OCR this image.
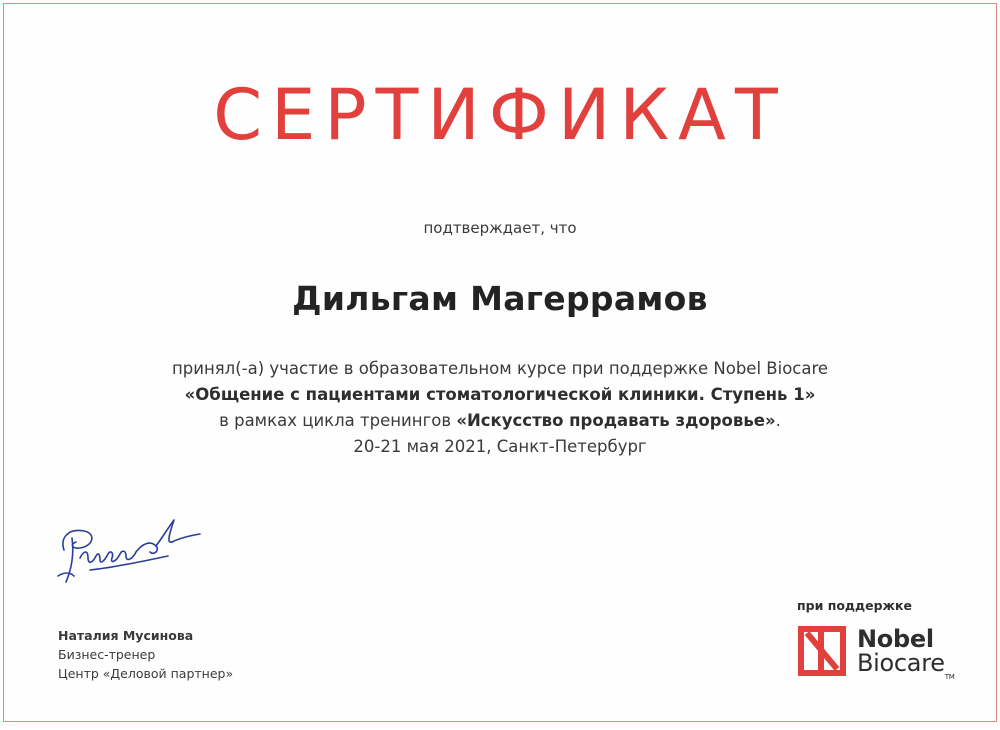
СЕРТИФИКАТ
подтверждает, что
Дильгам Магеррамов
принял(-а) участие в образовательном курсе при поддержке Nobel Biocare
«Общение с пациентами стоматологической клиники. Ступень 1»
в рамках цикла тренингов «Искусство продавать здоровье».
20-21 мая 2021, Санкт-Петербург
Наталия Мусинова
Бизнес-тренер
Центр «Деловой партнер»
при поддержке
Nobel
Biocare™
